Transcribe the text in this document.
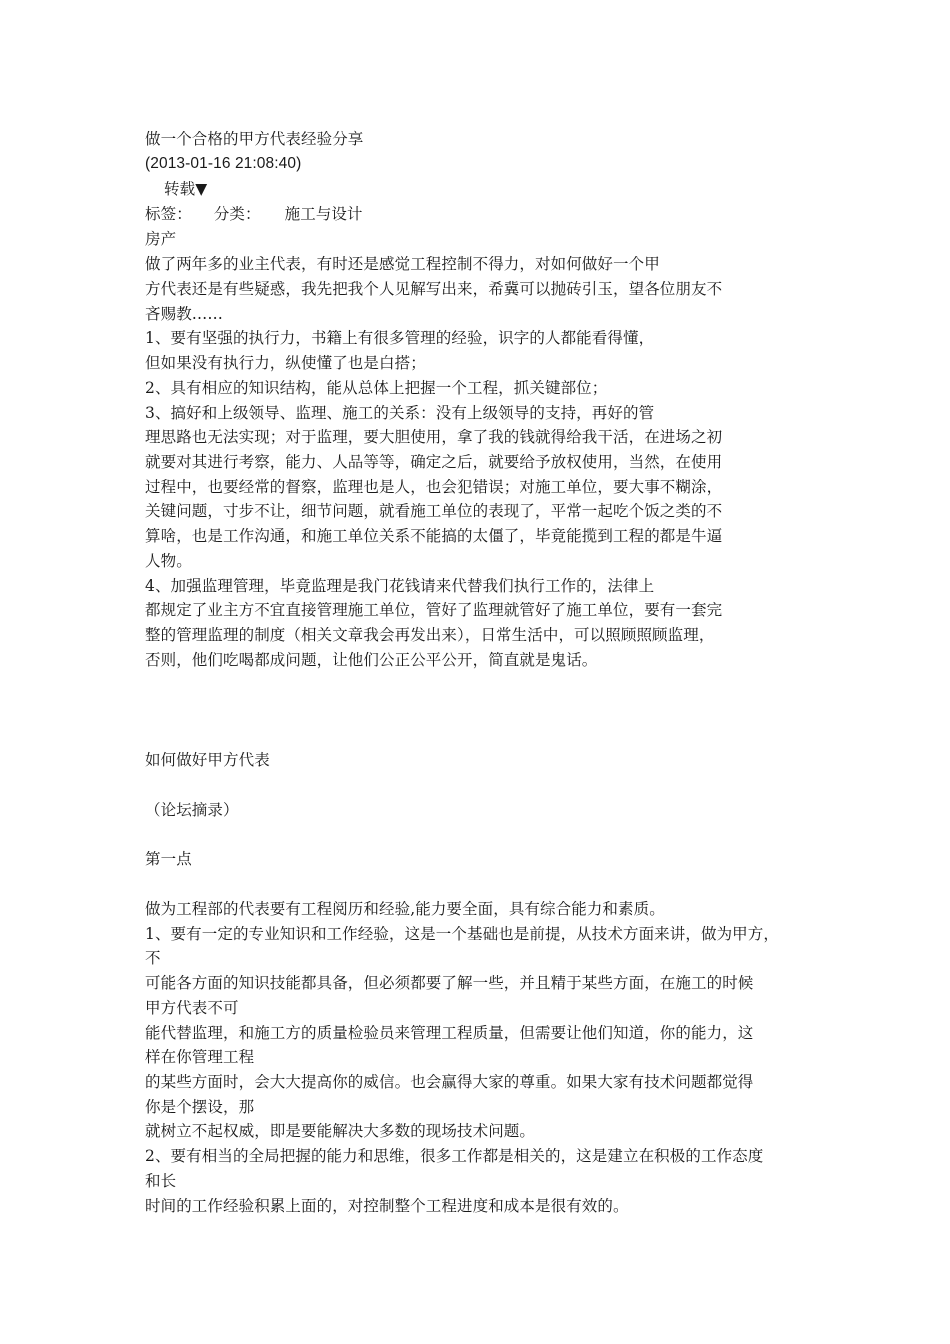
做一个合格的甲方代表经验分享
(2013-01-16 21:08:40)
转载▼
标签： 分类： 施工与设计
房产
做了两年多的业主代表，有时还是感觉工程控制不得力，对如何做好一个甲
方代表还是有些疑惑，我先把我个人见解写出来，希冀可以抛砖引玉，望各位朋友不
吝赐教……
1、要有坚强的执行力，书籍上有很多管理的经验，识字的人都能看得懂，
但如果没有执行力，纵使懂了也是白搭；
2、具有相应的知识结构，能从总体上把握一个工程，抓关键部位；
3、搞好和上级领导、监理、施工的关系：没有上级领导的支持，再好的管
理思路也无法实现；对于监理，要大胆使用，拿了我的钱就得给我干活，在进场之初
就要对其进行考察，能力、人品等等，确定之后，就要给予放权使用，当然，在使用
过程中，也要经常的督察，监理也是人，也会犯错误；对施工单位，要大事不糊涂，
关键问题，寸步不让，细节问题，就看施工单位的表现了，平常一起吃个饭之类的不
算啥，也是工作沟通，和施工单位关系不能搞的太僵了，毕竟能揽到工程的都是牛逼
人物。
4、加强监理管理，毕竟监理是我门花钱请来代替我们执行工作的，法律上
都规定了业主方不宜直接管理施工单位，管好了监理就管好了施工单位，要有一套完
整的管理监理的制度（相关文章我会再发出来），日常生活中，可以照顾照顾监理，
否则，他们吃喝都成问题，让他们公正公平公开，简直就是鬼话。
如何做好甲方代表
（论坛摘录）
第一点
做为工程部的代表要有工程阅历和经验,能力要全面，具有综合能力和素质。
1、要有一定的专业知识和工作经验，这是一个基础也是前提，从技术方面来讲，做为甲方，
不
可能各方面的知识技能都具备，但必须都要了解一些，并且精于某些方面，在施工的时候
甲方代表不可
能代替监理，和施工方的质量检验员来管理工程质量，但需要让他们知道，你的能力，这
样在你管理工程
的某些方面时，会大大提高你的威信。也会赢得大家的尊重。如果大家有技术问题都觉得
你是个摆设，那
就树立不起权威，即是要能解决大多数的现场技术问题。
2、要有相当的全局把握的能力和思维，很多工作都是相关的，这是建立在积极的工作态度
和长
时间的工作经验积累上面的，对控制整个工程进度和成本是很有效的。
